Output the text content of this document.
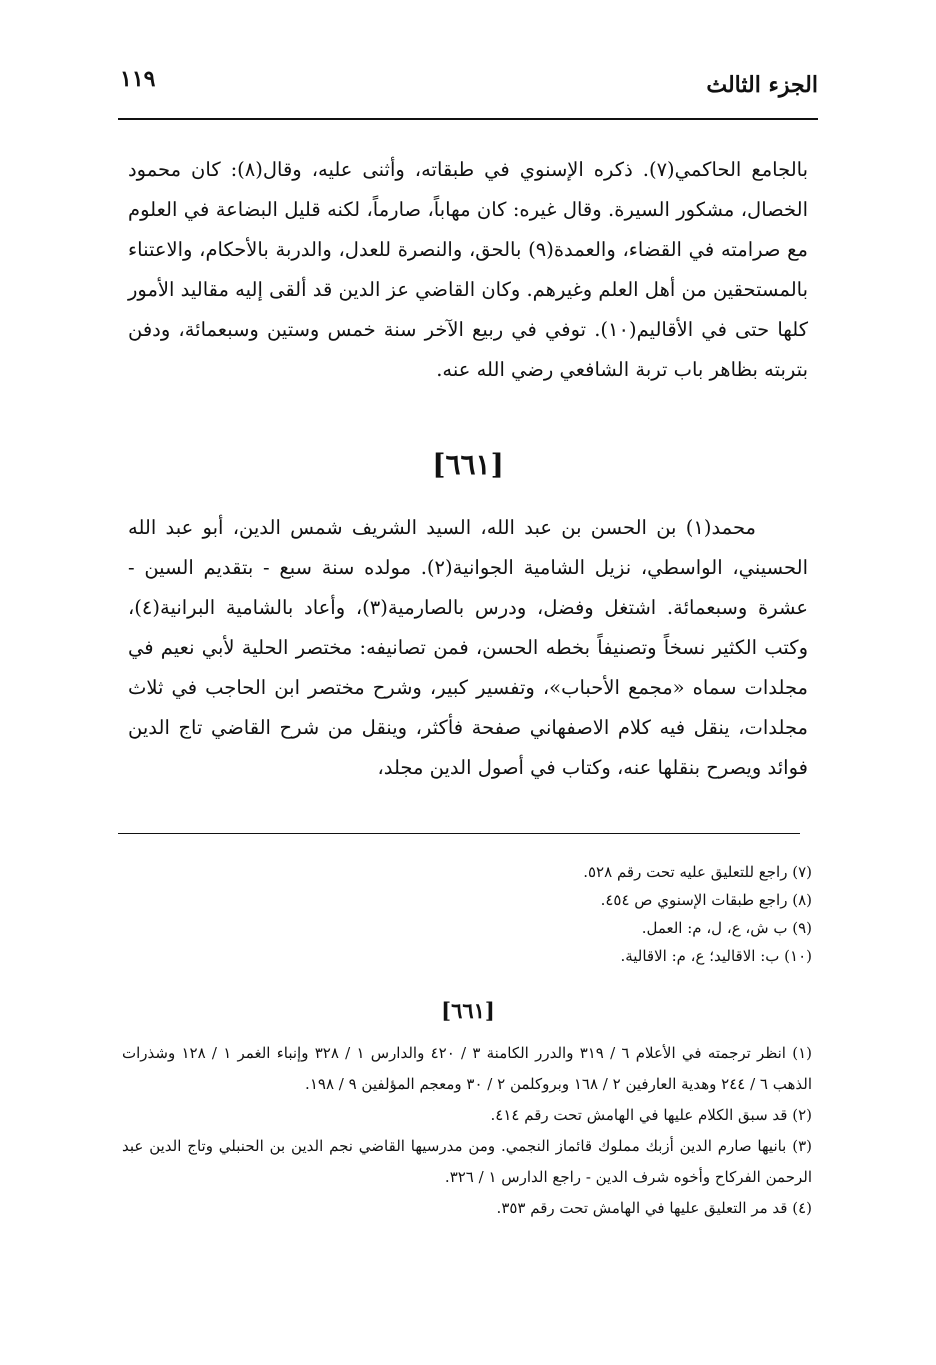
الجزء الثالث
١١٩

بالجامع الحاكمي(٧). ذكره الإسنوي في طبقاته، وأثنى عليه، وقال(٨): كان محمود الخصال، مشكور السيرة. وقال غيره: كان مهاباً، صارماً، لكنه قليل البضاعة في العلوم مع صرامته في القضاء، والعمدة(٩) بالحق، والنصرة للعدل، والدربة بالأحكام، والاعتناء بالمستحقين من أهل العلم وغيرهم. وكان القاضي عز الدين قد ألقى إليه مقاليد الأمور كلها حتى في الأقاليم(١٠). توفي في ربيع الآخر سنة خمس وستين وسبعمائة، ودفن بتربته بظاهر باب تربة الشافعي رضي الله عنه.

[٦٦١]

محمد(١) بن الحسن بن عبد الله، السيد الشريف شمس الدين، أبو عبد الله الحسيني، الواسطي، نزيل الشامية الجوانية(٢). مولده سنة سبع - بتقديم السين - عشرة وسبعمائة. اشتغل وفضل، ودرس بالصارمية(٣)، وأعاد بالشامية البرانية(٤)، وكتب الكثير نسخاً وتصنيفاً بخطه الحسن، فمن تصانيفه: مختصر الحلية لأبي نعيم في مجلدات سماه «مجمع الأحباب»، وتفسير كبير، وشرح مختصر ابن الحاجب في ثلاث مجلدات، ينقل فيه كلام الاصفهاني صفحة فأكثر، وينقل من شرح القاضي تاج الدين فوائد ويصرح بنقلها عنه، وكتاب في أصول الدين مجلد،

(٧) راجع للتعليق عليه تحت رقم ٥٢٨.
(٨) راجع طبقات الإسنوي ص ٤٥٤.
(٩) ب ش، ع، ل، م: العمل.
(١٠) ب: الاقاليد؛ ع، م: الاقالية.
[٦٦١]

(١) انظر ترجمته في الأعلام ٦ / ٣١٩ والدرر الكامنة ٣ / ٤٢٠ والدارس ١ / ٣٢٨ وإنباء الغمر ١ / ١٢٨ وشذرات الذهب ٦ / ٢٤٤ وهدية العارفين ٢ / ١٦٨ وبروكلمن ٢ / ٣٠ ومعجم المؤلفين ٩ / ١٩٨.

(٢) قد سبق الكلام عليها في الهامش تحت رقم ٤١٤.

(٣) بانيها صارم الدين أزبك مملوك قائماز النجمي. ومن مدرسيها القاضي نجم الدين بن الحنبلي وتاج الدين عبد الرحمن الفركاح وأخوه شرف الدين - راجع الدارس ١ / ٣٢٦.

(٤) قد مر التعليق عليها في الهامش تحت رقم ٣٥٣.
